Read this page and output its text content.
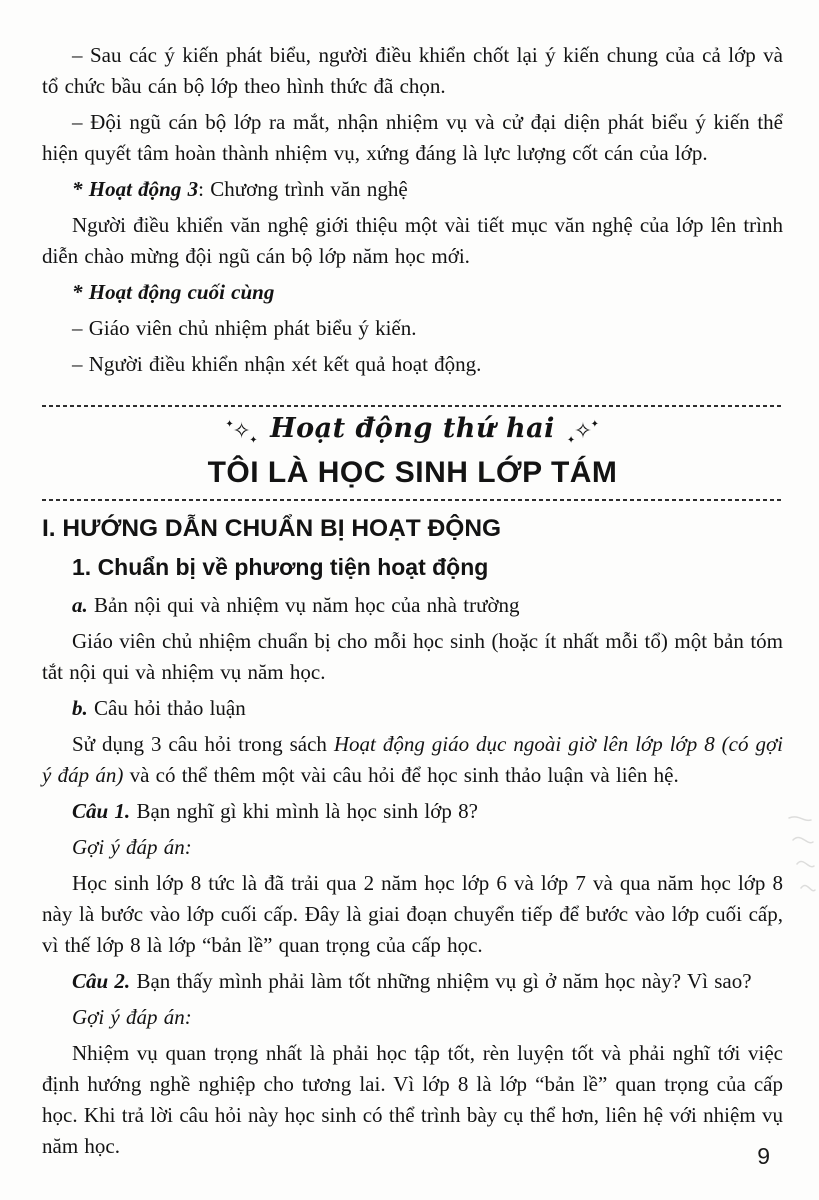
– Sau các ý kiến phát biểu, người điều khiển chốt lại ý kiến chung của cả lớp và tổ chức bầu cán bộ lớp theo hình thức đã chọn.

– Đội ngũ cán bộ lớp ra mắt, nhận nhiệm vụ và cử đại diện phát biểu ý kiến thể hiện quyết tâm hoàn thành nhiệm vụ, xứng đáng là lực lượng cốt cán của lớp.

* Hoạt động 3: Chương trình văn nghệ

Người điều khiển văn nghệ giới thiệu một vài tiết mục văn nghệ của lớp lên trình diễn chào mừng đội ngũ cán bộ lớp năm học mới.

* Hoạt động cuối cùng

– Giáo viên chủ nhiệm phát biểu ý kiến.

– Người điều khiển nhận xét kết quả hoạt động.

$^✦✧_✦$ Hoạt động thứ hai $_✦$✧✦
TÔI LÀ HỌC SINH LỚP TÁM
I. HƯỚNG DẪN CHUẨN BỊ HOẠT ĐỘNG
1. Chuẩn bị về phương tiện hoạt động

a. Bản nội qui và nhiệm vụ năm học của nhà trường

Giáo viên chủ nhiệm chuẩn bị cho mỗi học sinh (hoặc ít nhất mỗi tổ) một bản tóm tắt nội qui và nhiệm vụ năm học.

b. Câu hỏi thảo luận

Sử dụng 3 câu hỏi trong sách Hoạt động giáo dục ngoài giờ lên lớp lớp 8 (có gợi ý đáp án) và có thể thêm một vài câu hỏi để học sinh thảo luận và liên hệ.

Câu 1. Bạn nghĩ gì khi mình là học sinh lớp 8?

Gợi ý đáp án:

Học sinh lớp 8 tức là đã trải qua 2 năm học lớp 6 và lớp 7 và qua năm học lớp 8 này là bước vào lớp cuối cấp. Đây là giai đoạn chuyển tiếp để bước vào lớp cuối cấp, vì thế lớp 8 là lớp “bản lề” quan trọng của cấp học.

Câu 2. Bạn thấy mình phải làm tốt những nhiệm vụ gì ở năm học này? Vì sao?

Gợi ý đáp án:

Nhiệm vụ quan trọng nhất là phải học tập tốt, rèn luyện tốt và phải nghĩ tới việc định hướng nghề nghiệp cho tương lai. Vì lớp 8 là lớp “bản lề” quan trọng của cấp học. Khi trả lời câu hỏi này học sinh có thể trình bày cụ thể hơn, liên hệ với nhiệm vụ năm học.	9
